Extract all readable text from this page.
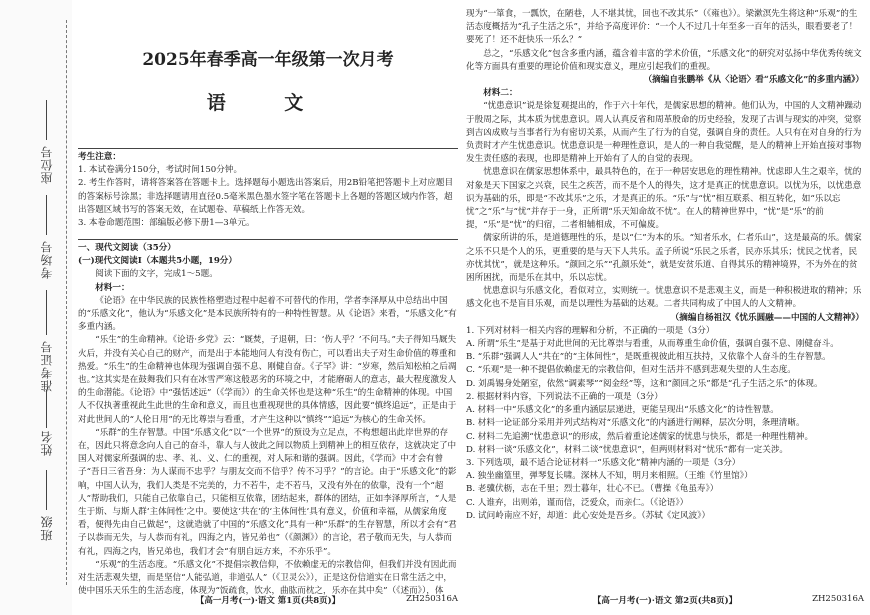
座位号
考场号
准考证号
姓名
班级
2025年春季高一年级第一次月考
语 文

考生注意：

1. 本试卷满分150分，考试时间150分钟。

2. 考生作答时，请将答案答在答题卡上。选择题每小题选出答案后，用2B铅笔把答题卡上对应题目的答案标号涂黑；非选择题请用直径0.5毫米黑色墨水签字笔在答题卡上各题的答题区域内作答，超出答题区域书写的答案无效，在试题卷、草稿纸上作答无效。

3. 本卷命题范围：部编版必修下册1—3单元。

一、现代文阅读（35分）

(一)现代文阅读Ⅰ（本题共5小题，19分）

阅读下面的文字，完成1～5题。

材料一：

《论语》在中华民族的民族性格塑造过程中起着不可替代的作用，学者李泽厚从中总结出中国的“乐感文化”，他认为“乐感文化”是本民族所特有的一种特性智慧。从《论语》来看，“乐感文化”有多重内涵。

“乐生”的生命精神。《论语·乡党》云：“厩焚，子退朝，曰：‘伤人乎？’不问马。”夫子得知马厩失火后，并没有关心自己的财产，而是出于本能地问人有没有伤亡，可以看出夫子对生命价值的尊重和热爱。“乐生”的生命精神也体现为强调自强不息、刚健自奋。《子罕》讲：“岁寒，然后知松柏之后凋也。”这其实是在鼓舞我们只有在冰雪严寒这般恶劣的环境之中，才能磨砺人的意志，最大程度激发人的生命潜能。《论语》中“强恬述远”（《学而》）的生命关怀也是这种“乐生”的生命精神的体现。中国人不仅执著重视此生此世的生命和意义，而且也重视现世的具体情感，因此要“慎终追远”，正是由于对此世间人的“人伦日用”的无比尊崇与看重，才产生这种以“慎终”“追远”为核心的生命关怀。

“乐群”的生存智慧。中国“乐感文化”以“一个世界”的预设为立足点，不构想超出此岸世界的存在，因此只将意念向人自己的奋斗，靠人与人彼此之间以物质上到精神上的相互依存，这就决定了中国人对儒家所强调的忠、孝、礼、义、仁的重视，对人际和谐的强调。因此，《学而》中才会有曾子“吾日三省吾身：为人谋而不忠乎？与朋友交而不信乎？传不习乎？”的言论。由于“乐感文化”的影响，中国人认为，我们人类是不完美的，力不若牛，走不若马，又没有外在的依靠，没有一个“超人”帮助我们，只能自己依靠自己，只能相互依靠，团结起来，群体的团结，正如李泽厚所言，“人是生于斯、与斯人群‘主体间性’之中。要使这‘共在’的‘主体间性’具有意义，价值和幸福，从儒家角度看，便得先由自己做起”，这就造就了中国的“乐感文化”具有一种“乐群”的生存智慧，所以才会有“君子以恭而无失，与人恭而有礼，四海之内，皆兄弟也”（《颜渊》）的言论，君子敬而无失，与人恭而有礼，四海之内，皆兄弟也，我们才会“有朋自远方来，不亦乐乎”。

“乐观”的生活态度。“乐感文化”不提倡宗教信仰，不依赖虚无的宗教信仰，但我们并没有因此而对生活悲观失望，而是坚信“人能弘道，非道弘人”（《卫灵公》），正是这份信道实在日常生活之中，使中国乐天乐生的生活态度，体现为“饭疏食，饮水，曲肱而枕之，乐亦在其中矣”（《述而》），体

【高一月考(一)·语文 第1页(共8页)】	ZH250316A

现为“一箪食，一瓢饮，在陋巷，人不堪其忧，回也不改其乐”（《雍也》）。梁漱溟先生将这种“乐观”的生活态度概括为“孔子生活之乐”，并给予高度评价：“一个人不过几十年至多一百年的活头，眼看要老了！要死了！还不赶快乐一乐么？”

总之，“乐感文化”包含多重内涵，蕴含着丰富的学术价值，“乐感文化”的研究对弘扬中华优秀传统文化等方面具有重要的理论价值和现实意义，理应引起我们的重视。

（摘编自张鹏举《从〈论语〉看“乐感文化”的多重内涵》）

材料二：

“忧患意识”说是徐复观提出的，作于六十年代，是儒家思想的精神。他们认为，中国的人文精神躁动于殷周之际，其本质为忧患意识。周人认真反省和周革殷命的历史经验，发现了古训与现实的冲突，觉察到吉凶成败与当事者行为有密切关系，从而产生了行为的自觉，强调自身的责任。人只有在对自身的行为负责时才产生忧患意识。忧患意识是一种理性意识，是人的一种自我觉醒，是人的精神上开始直接对事物发生责任感的表现，也即是精神上开始有了人的自觉的表现。

忧患意识在儒家思想体系中，最具特色的，在于一种居安思危的理性精神。忧虑即人生之艰辛，忧的对象是天下国家之兴衰，民生之疾苦，而不是个人的得失，这才是真正的忧患意识。以忧为乐，以忧患意识为基础的乐，即是“不改其乐”之乐，才是真正的乐。“乐”与“忧”相互联系、相互转化，如“乐以忘忧”之“乐”与“忧”并存于一身，正所谓“乐天知命故不忧”。在人的精神世界中，“忧”是“乐”的前提，“乐”是“忧”的归宿，二者相辅相成，不可偏废。

儒家所讲的乐，是道德理性的乐，是以“仁”为本的乐。“知者乐水，仁者乐山”，这是最高的乐。儒家之乐不只是个人的乐，更重要的是与天下人共乐。孟子所说“乐民之乐者，民亦乐其乐；忧民之忧者，民亦忧其忧”，就是这种乐。“颜回之乐”“孔颜乐处”，就是安贫乐道、自得其乐的精神境界，不为外在的贫困所困扰，而是乐在其中，乐以忘忧。

忧患意识与乐感文化，看似对立，实则统一。忧患意识不是悲观主义，而是一种积极进取的精神；乐感文化也不是盲目乐观，而是以理性为基础的达观。二者共同构成了中国人的人文精神。

（摘编自杨祖汉《忧乐圆融——中国的人文精神》）

1. 下列对材料一相关内容的理解和分析，不正确的一项是（3分）

A. 所谓“乐生”是基于对此世间的无比尊崇与看重，从而尊重生命价值，强调自强不息、刚健奋斗。

B. “乐群”强调人人“共在”的“主体间性”，是既重视彼此相互扶持，又依靠个人奋斗的生存智慧。

C. “乐观”是一种不提倡依赖虚无的宗教信仰，但对生活并不感到悲观失望的人生态度。

D. 刘禹锡身处陋室，依然“调素琴”“阅金经”等，这和“颜回之乐”都是“孔子生活之乐”的体现。

2. 根据材料内容，下列说法不正确的一项是（3分）

A. 材料一中“乐感文化”的多重内涵层层递进，更能呈现出“乐感文化”的诗性智慧。

B. 材料一论证部分采用并列式结构对“乐感文化”的内涵进行阐释，层次分明，条理清晰。

C. 材料二先追溯“忧患意识”的形成，然后着重论述儒家的忧患与快乐，都是一种理性精神。

D. 材料一谈“乐感文化”，材料二谈“忧患意识”，但两则材料对“忧乐”都有一定关涉。

3. 下列选项，最不适合论证材料一“乐感文化”精神内涵的一项是（3分）

A. 独坐幽篁里，弹琴复长啸。深林人不知，明月来相照。（王维《竹里馆》）

B. 老骥伏枥，志在千里；烈士暮年，壮心不已。（曹操《龟虽寿》）

C. 人谁弃，出则弟，谨而信，泛爱众，而亲仁。（《论语》）

D. 试问岭南应不好，却道：此心安处是吾乡。（苏轼《定风波》）

【高一月考(一)·语文 第2页(共8页)】	ZH250316A
